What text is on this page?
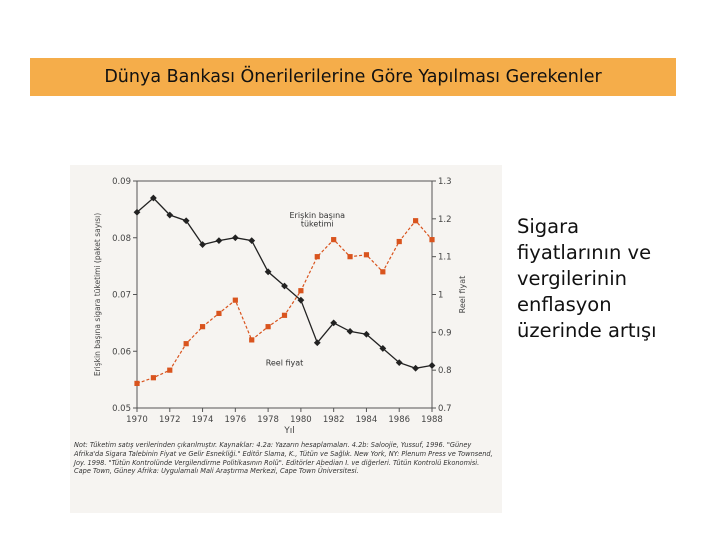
Dünya Bankası Önerilerilerine Göre Yapılması Gerekenler
1970 1972 1974 1976 1978 1980 1982 1984 1986 1988
Yıl
0.05
0.06
0.07
0.08
0.09
0.7
0.8
0.9
1
1.1
1.2
1.3
Erişkin başına sigara tüketimi (paket sayısı)	Reel fiyat
Erişkin başına
tüketimi
Reel fiyat
Not: Tüketim satış verilerinden çıkarılmıştır. Kaynaklar: 4.2a: Yazarın hesaplamaları. 4.2b: Saloojie, Yussuf, 1996. "Güney Afrika'da Sigara Talebinin Fiyat ve Gelir Esnekliği." Editör Slama, K., Tütün ve Sağlık. New York, NY: Plenum Press ve Townsend, Joy. 1998. "Tütün Kontrolünde Vergilendirme Politikasının Rolü". Editörler Abedian I. ve diğerleri. Tütün Kontrolü Ekonomisi. Cape Town, Güney Afrika: Uygulamalı Mali Araştırma Merkezi, Cape Town Üniversitesi.
Sigara fiyatlarının ve vergilerinin enflasyon üzerinde artışı
